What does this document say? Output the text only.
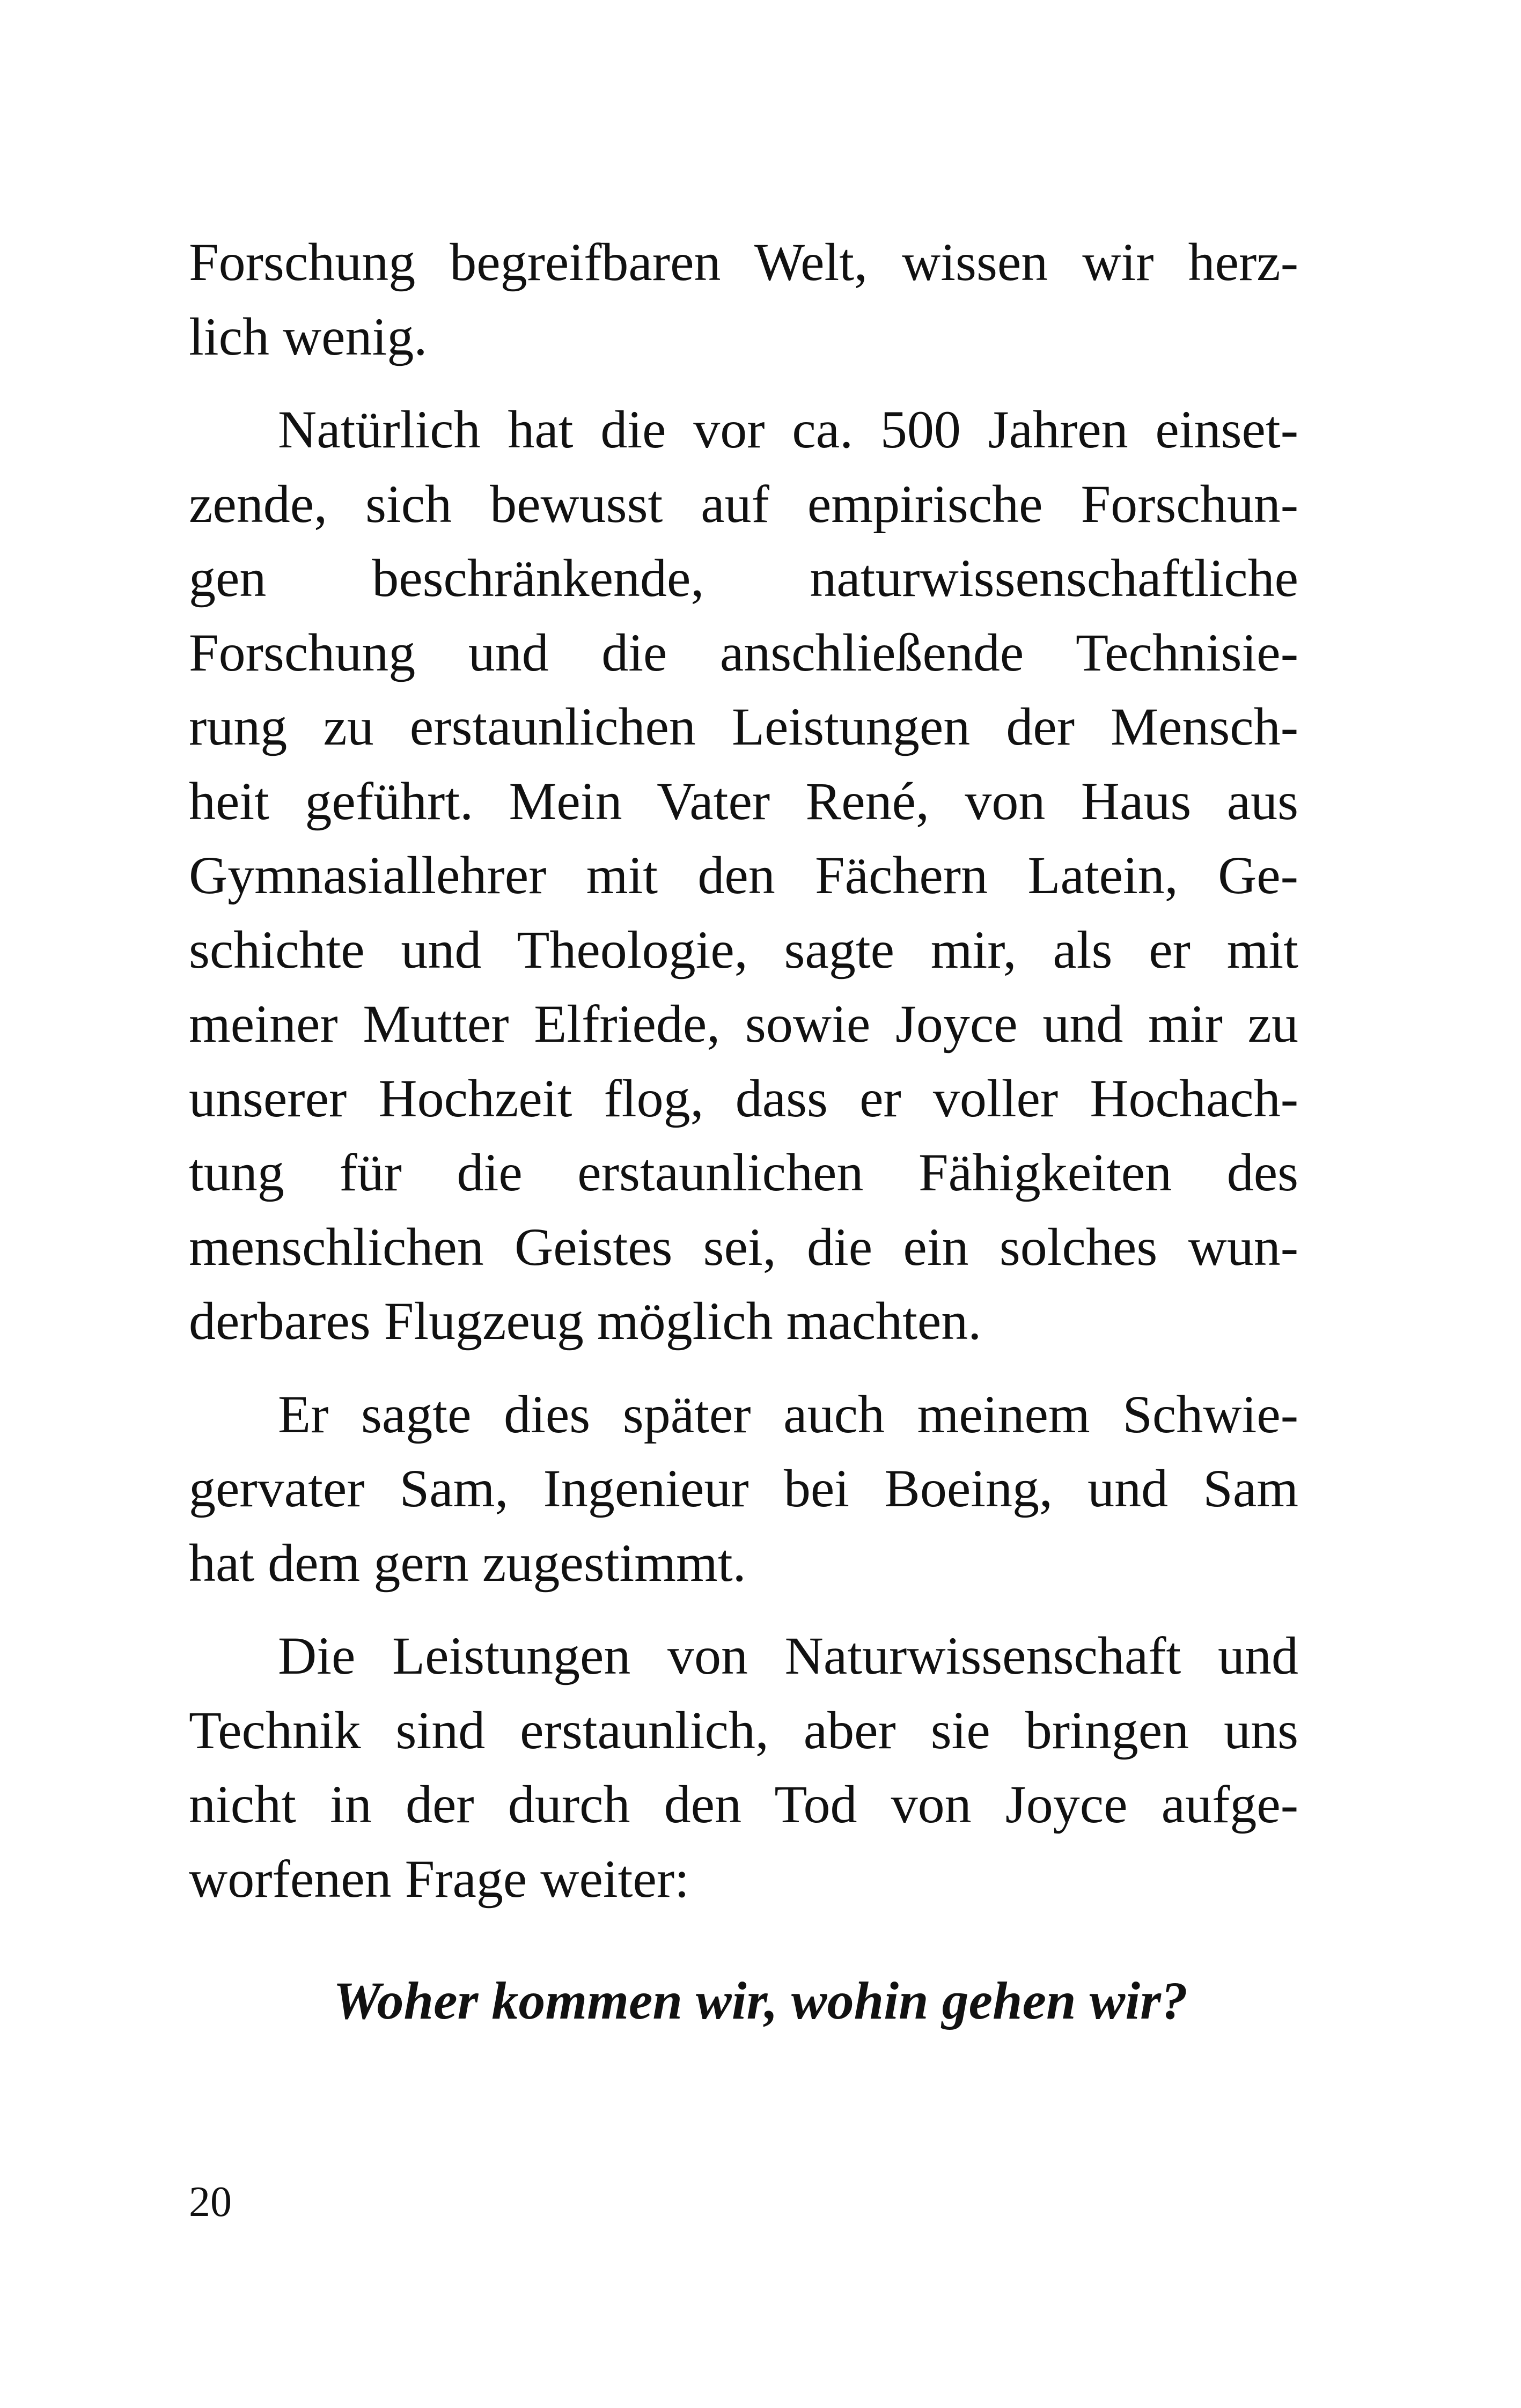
Forschung begreifbaren Welt, wissen wir herz-
lich wenig.
Natürlich hat die vor ca. 500 Jahren einset-
zende, sich bewusst auf empirische Forschun-
gen beschränkende, naturwissenschaftliche
Forschung und die anschließende Technisie-
rung zu erstaunlichen Leistungen der Mensch-
heit geführt. Mein Vater René, von Haus aus
Gymnasiallehrer mit den Fächern Latein, Ge-
schichte und Theologie, sagte mir, als er mit
meiner Mutter Elfriede, sowie Joyce und mir zu
unserer Hochzeit flog, dass er voller Hochach-
tung für die erstaunlichen Fähigkeiten des
menschlichen Geistes sei, die ein solches wun-
derbares Flugzeug möglich machten.
Er sagte dies später auch meinem Schwie-
gervater Sam, Ingenieur bei Boeing, und Sam
hat dem gern zugestimmt.
Die Leistungen von Naturwissenschaft und
Technik sind erstaunlich, aber sie bringen uns
nicht in der durch den Tod von Joyce aufge-
worfenen Frage weiter:
Woher kommen wir, wohin gehen wir?
20
